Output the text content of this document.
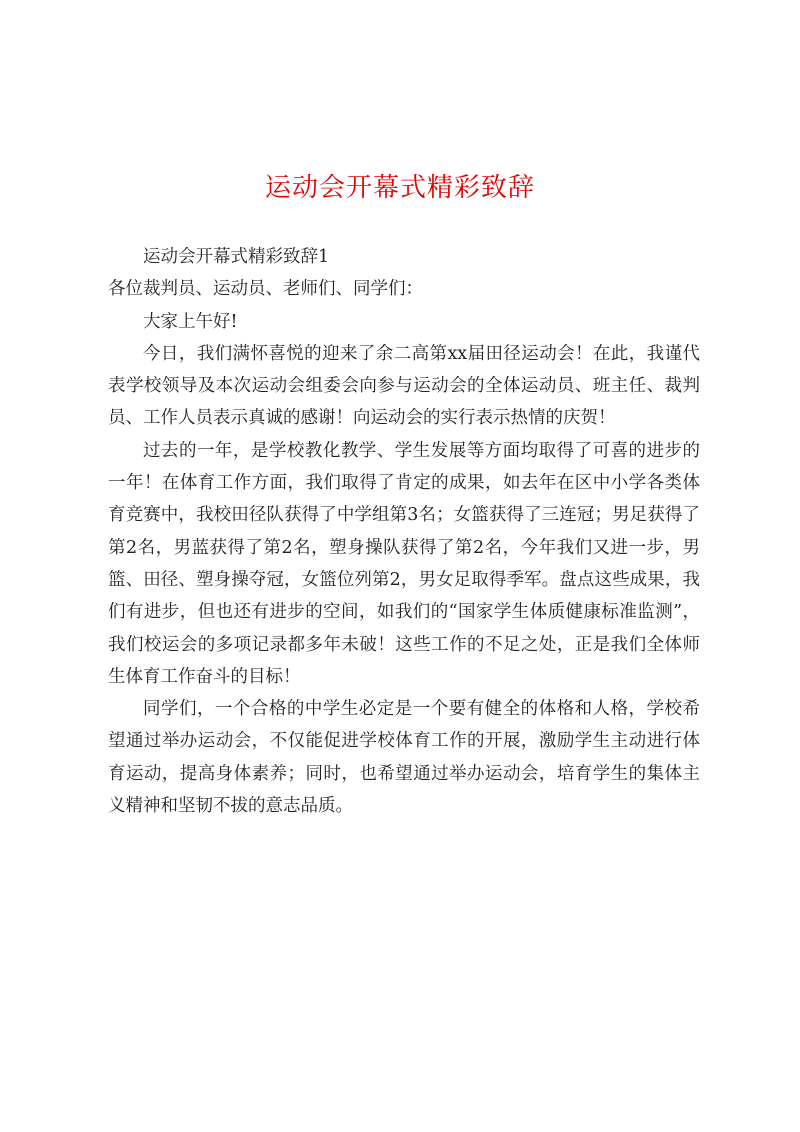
运动会开幕式精彩致辞

运动会开幕式精彩致辞1

各位裁判员、运动员、老师们、同学们：

大家上午好!

今日，我们满怀喜悦的迎来了余二高第xx届田径运动会！在此，我谨代表学校领导及本次运动会组委会向参与运动会的全体运动员、班主任、裁判员、工作人员表示真诚的感谢！向运动会的实行表示热情的庆贺！

过去的一年，是学校教化教学、学生发展等方面均取得了可喜的进步的一年！在体育工作方面，我们取得了肯定的成果，如去年在区中小学各类体育竞赛中，我校田径队获得了中学组第3名；女篮获得了三连冠；男足获得了第2名，男蓝获得了第2名，塑身操队获得了第2名，今年我们又进一步，男篮、田径、塑身操夺冠，女篮位列第2，男女足取得季军。盘点这些成果，我们有进步，但也还有进步的空间，如我们的“国家学生体质健康标准监测”，我们校运会的多项记录都多年未破！这些工作的不足之处，正是我们全体师生体育工作奋斗的目标！

同学们，一个合格的中学生必定是一个要有健全的体格和人格，学校希望通过举办运动会，不仅能促进学校体育工作的开展，激励学生主动进行体育运动，提高身体素养；同时，也希望通过举办运动会，培育学生的集体主义精神和坚韧不拔的意志品质。
